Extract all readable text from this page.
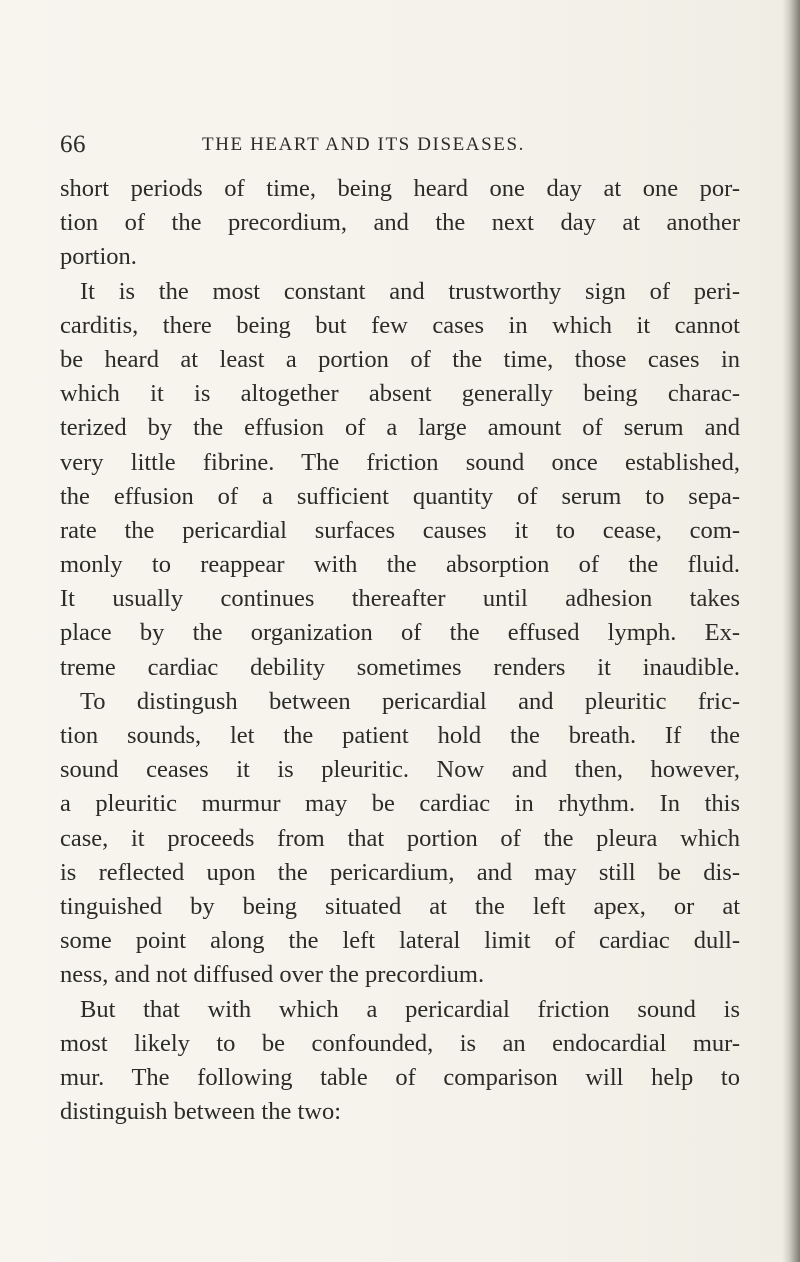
66	THE HEART AND ITS DISEASES.
short periods of time, being heard one day at one por-
tion of the precordium, and the next day at another
portion.
It is the most constant and trustworthy sign of peri-
carditis, there being but few cases in which it cannot
be heard at least a portion of the time, those cases in
which it is altogether absent generally being charac-
terized by the effusion of a large amount of serum and
very little fibrine. The friction sound once established,
the effusion of a sufficient quantity of serum to sepa-
rate the pericardial surfaces causes it to cease, com-
monly to reappear with the absorption of the fluid.
It usually continues thereafter until adhesion takes
place by the organization of the effused lymph. Ex-
treme cardiac debility sometimes renders it inaudible.
To distingush between pericardial and pleuritic fric-
tion sounds, let the patient hold the breath. If the
sound ceases it is pleuritic. Now and then, however,
a pleuritic murmur may be cardiac in rhythm. In this
case, it proceeds from that portion of the pleura which
is reflected upon the pericardium, and may still be dis-
tinguished by being situated at the left apex, or at
some point along the left lateral limit of cardiac dull-
ness, and not diffused over the precordium.
But that with which a pericardial friction sound is
most likely to be confounded, is an endocardial mur-
mur. The following table of comparison will help to
distinguish between the two:
